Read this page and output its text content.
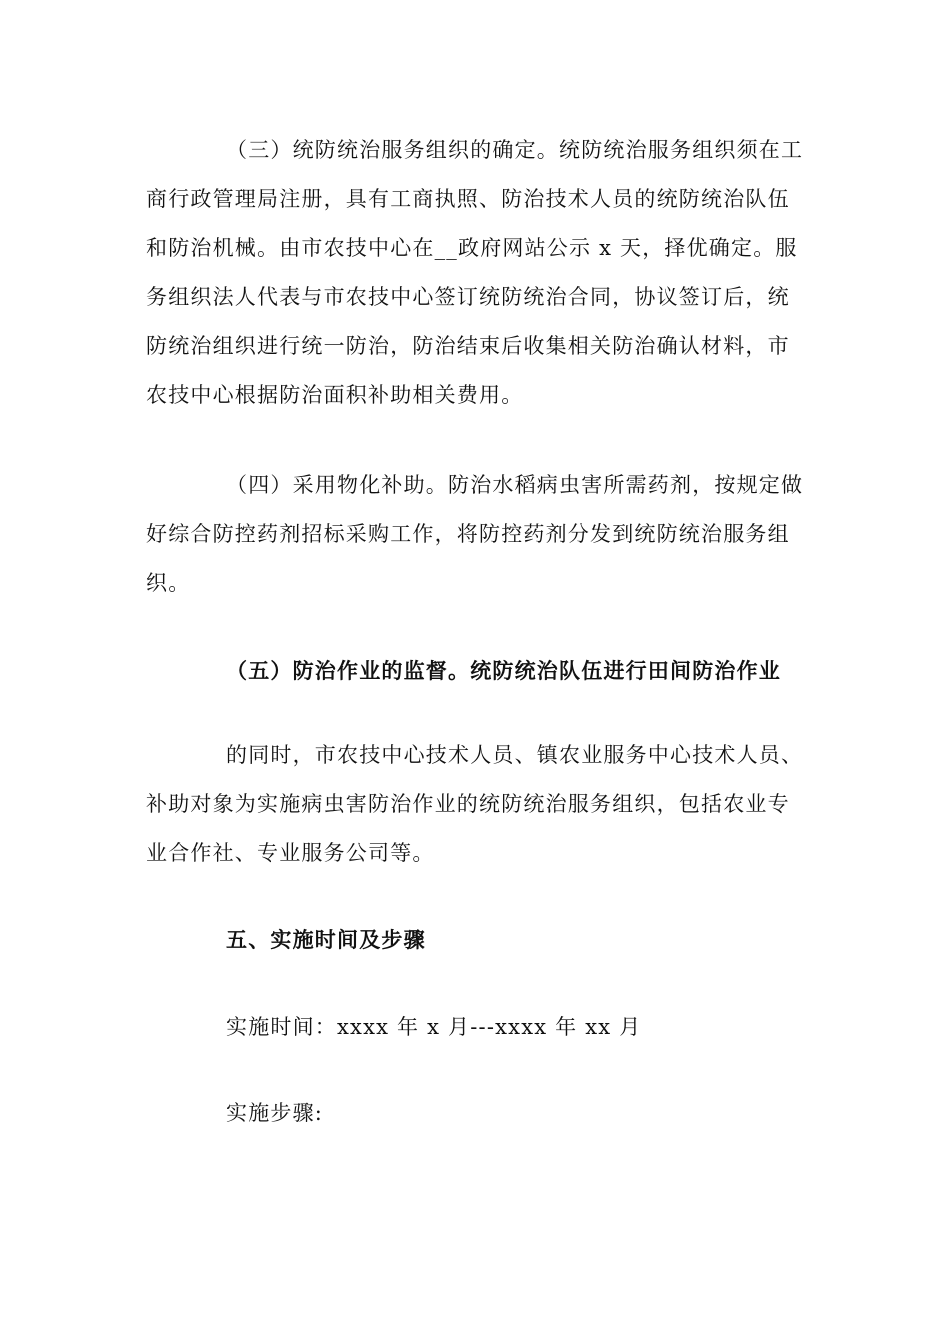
（三）统防统治服务组织的确定。统防统治服务组织须在工
商行政管理局注册，具有工商执照、防治技术人员的统防统治队伍
和防治机械。由市农技中心在__政府网站公示 x 天，择优确定。服
务组织法人代表与市农技中心签订统防统治合同，协议签订后，统
防统治组织进行统一防治，防治结束后收集相关防治确认材料，市
农技中心根据防治面积补助相关费用。
（四）采用物化补助。防治水稻病虫害所需药剂，按规定做
好综合防控药剂招标采购工作，将防控药剂分发到统防统治服务组
织。
（五）防治作业的监督。统防统治队伍进行田间防治作业
的同时，市农技中心技术人员、镇农业服务中心技术人员、
补助对象为实施病虫害防治作业的统防统治服务组织，包括农业专
业合作社、专业服务公司等。
五、实施时间及步骤
实施时间：xxxx 年 x 月---xxxx 年 xx 月
实施步骤:
